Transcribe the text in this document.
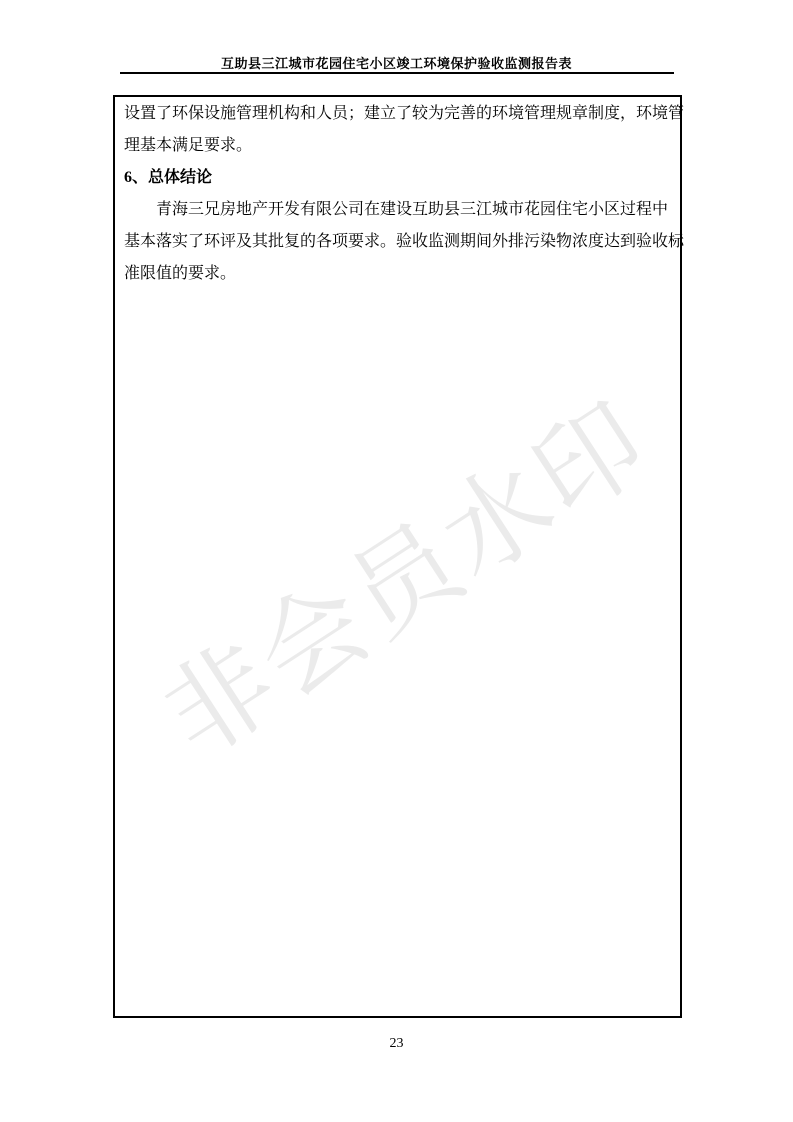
非会员水印
互助县三江城市花园住宅小区竣工环境保护验收监测报告表
设置了环保设施管理机构和人员；建立了较为完善的环境管理规章制度，环境管
理基本满足要求。
6、总体结论
青海三兄房地产开发有限公司在建设互助县三江城市花园住宅小区过程中
基本落实了环评及其批复的各项要求。验收监测期间外排污染物浓度达到验收标
准限值的要求。
23
